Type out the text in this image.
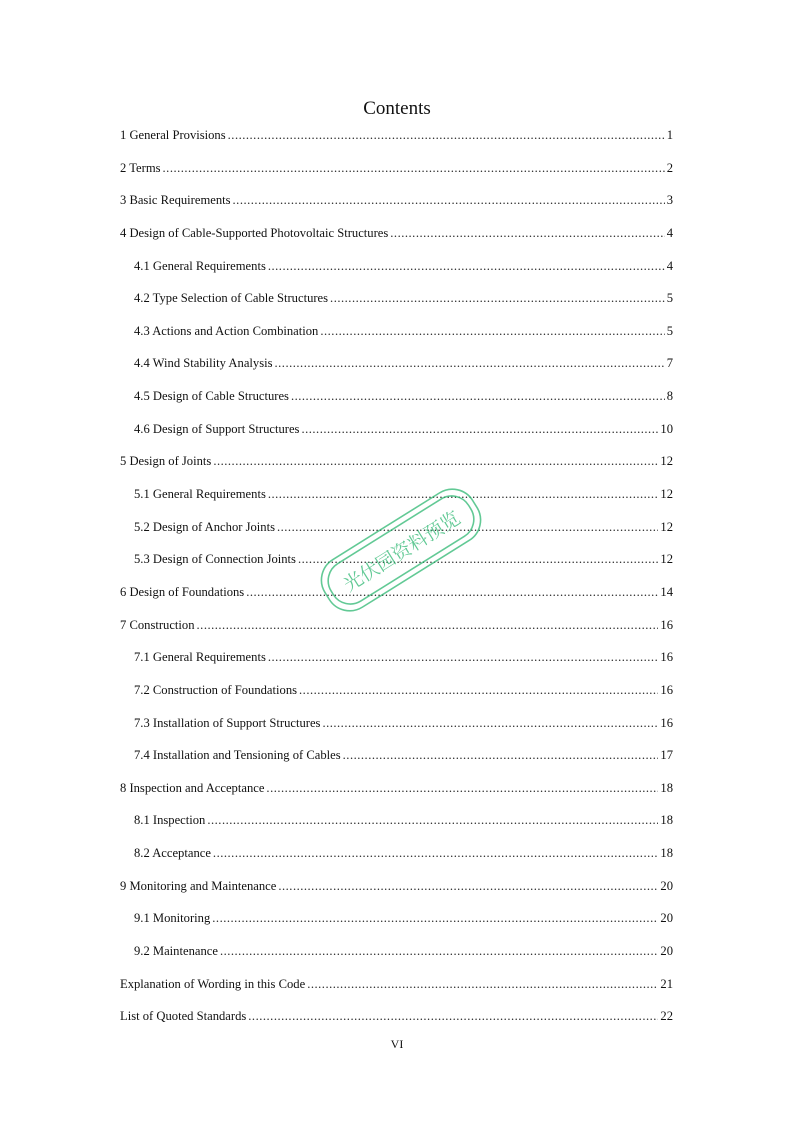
Contents
1 General Provisions .....	1
2 Terms .....	2
3 Basic Requirements .....	3
4 Design of Cable-Supported Photovoltaic Structures .....	4
4.1 General Requirements .....	4
4.2 Type Selection of Cable Structures .....	5
4.3 Actions and Action Combination .....	5
4.4 Wind Stability Analysis .....	7
4.5 Design of Cable Structures .....	8
4.6 Design of Support Structures .....	10
5 Design of Joints .....	12
5.1 General Requirements .....	12
5.2 Design of Anchor Joints .....	12
5.3 Design of Connection Joints .....	12
6 Design of Foundations .....	14
7 Construction .....	16
7.1 General Requirements .....	16
7.2 Construction of Foundations .....	16
7.3 Installation of Support Structures .....	16
7.4 Installation and Tensioning of Cables .....	17
8 Inspection and Acceptance .....	18
8.1 Inspection .....	18
8.2 Acceptance .....	18
9 Monitoring and Maintenance .....	20
9.1 Monitoring .....	20
9.2 Maintenance .....	20
Explanation of Wording in this Code .....	21
List of Quoted Standards .....	22
光伏园资料预览
VI
